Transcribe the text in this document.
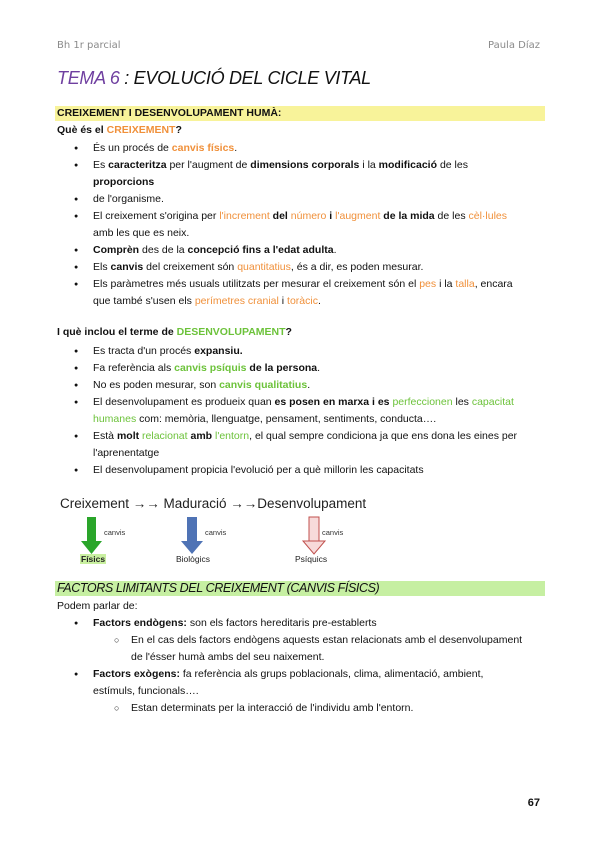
Bh 1r parcial	Paula Díaz
TEMA 6 : EVOLUCIÓ DEL CICLE VITAL
CREIXEMENT I DESENVOLUPAMENT HUMÀ:
Què és el CREIXEMENT?
● És un procés de canvis físics.
● Es caracteritza per l'augment de dimensions corporals i la modificació de les proporcions
● de l'organisme.
● El creixement s'origina per l'increment del número i l'augment de la mida de les cèl·lules amb les que es neix.
● Comprèn des de la concepció fins a l'edat adulta.
● Els canvis del creixement són quantitatius, és a dir, es poden mesurar.
● Els paràmetres més usuals utilitzats per mesurar el creixement són el pes i la talla, encara que també s'usen els perímetres cranial i toràcic.
I què inclou el terme de DESENVOLUPAMENT?
● Es tracta d'un procés expansiu.
● Fa referència als canvis psíquis de la persona.
● No es poden mesurar, son canvis qualitatius.
● El desenvolupament es produeix quan es posen en marxa i es perfeccionen les capacitat humanes com: memòria, llenguatge, pensament, sentiments, conducta….
● Està molt relacionat amb l'entorn, el qual sempre condiciona ja que ens dona les eines per l'aprenentatge
● El desenvolupament propicia l'evolució per a què millorin les capacitats
Creixement →→ Maduració →→Desenvolupament
canvis	canvis	canvis
Físics	Biològics	Psíquics
FACTORS LIMITANTS DEL CREIXEMENT (CANVIS FÍSICS)
Podem parlar de:
● Factors endògens: son els factors hereditaris pre-establerts
○ En el cas dels factors endògens aquests estan relacionats amb el desenvolupament de l'ésser humà ambs del seu naixement.
● Factors exògens: fa referència als grups poblacionals, clima, alimentació, ambient, estímuls, funcionals….
○ Estan determinats per la interacció de l'individu amb l'entorn.
67
